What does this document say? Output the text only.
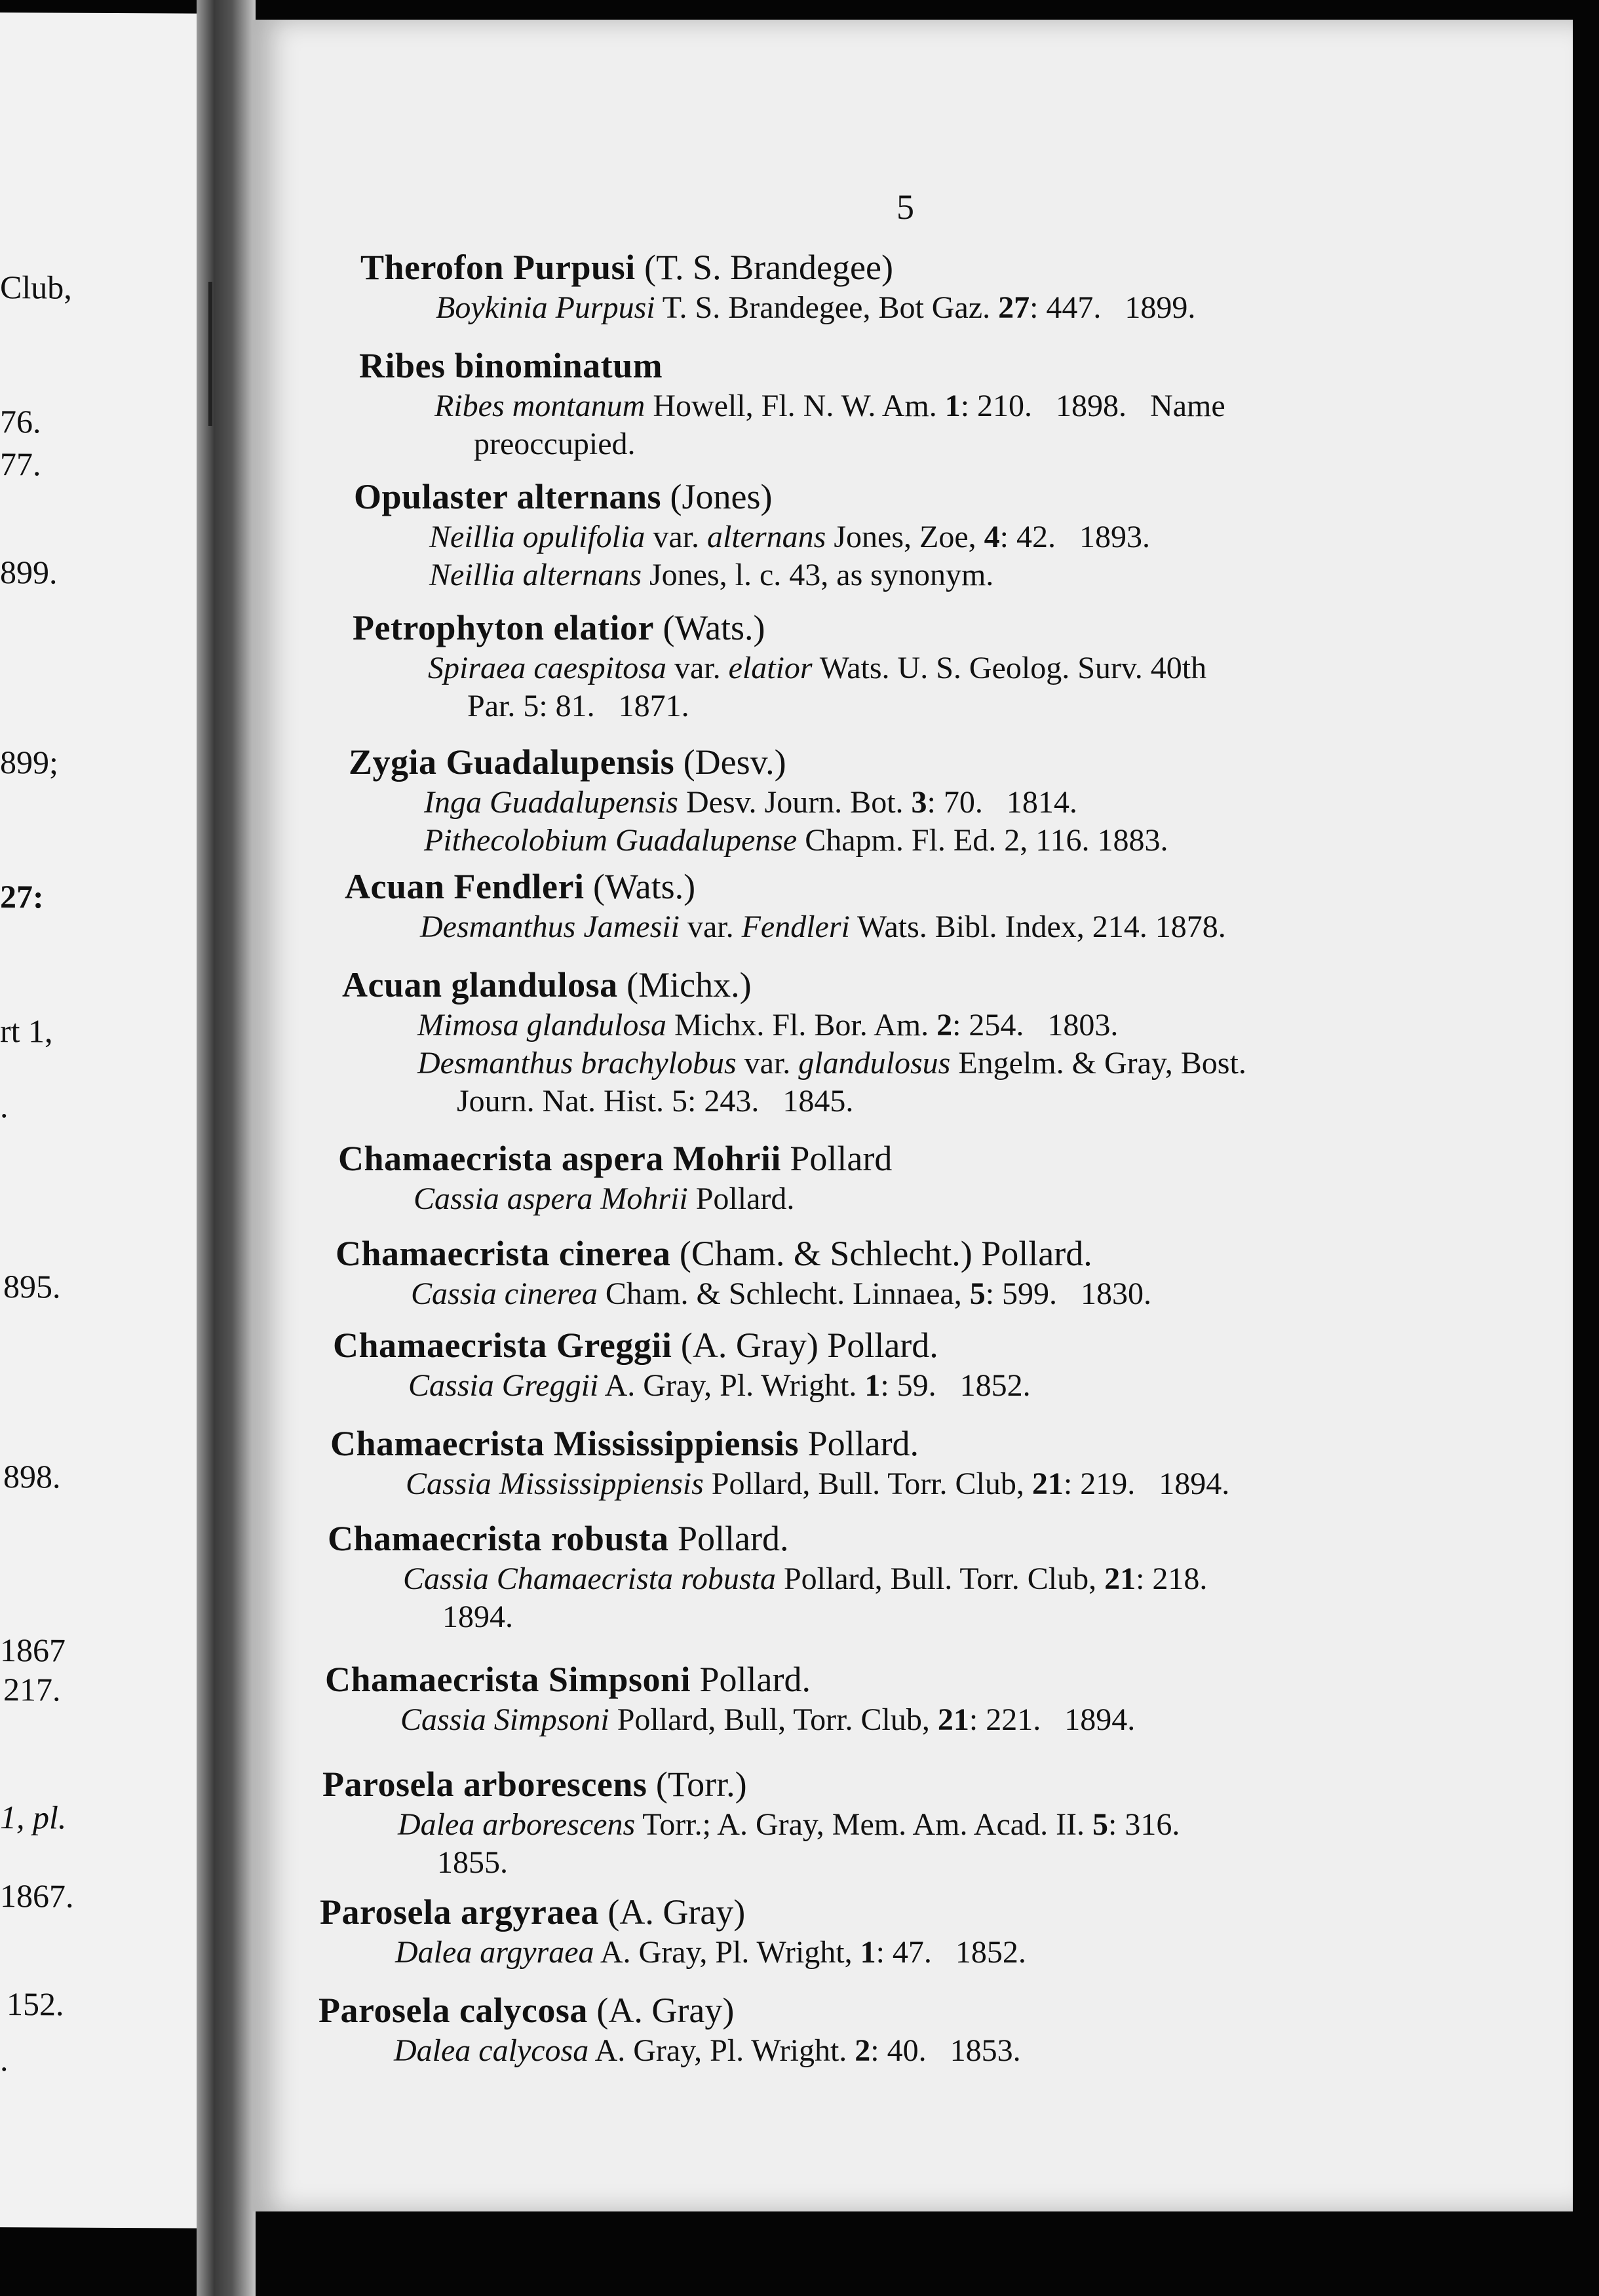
Club,
76.
77.
899.
899;
27:
rt 1,
.
895.
898.
1867
217.
1, pl.
1867.
152.
.
5
Therofon Purpusi (T. S. Brandegee)
Boykinia Purpusi T. S. Brandegee, Bot Gaz. 27: 447.   1899.
Ribes binominatum
Ribes montanum Howell, Fl. N. W. Am. 1: 210.   1898.   Name
preoccupied.
Opulaster alternans (Jones)
Neillia opulifolia var. alternans Jones, Zoe, 4: 42.   1893.
Neillia alternans Jones, l. c. 43, as synonym.
Petrophyton elatior (Wats.)
Spiraea caespitosa var. elatior Wats. U. S. Geolog. Surv. 40th
Par. 5: 81.   1871.
Zygia Guadalupensis (Desv.)
Inga Guadalupensis Desv. Journ. Bot. 3: 70.   1814.
Pithecolobium Guadalupense Chapm. Fl. Ed. 2, 116. 1883.
Acuan Fendleri (Wats.)
Desmanthus Jamesii var. Fendleri Wats. Bibl. Index, 214. 1878.
Acuan glandulosa (Michx.)
Mimosa glandulosa Michx. Fl. Bor. Am. 2: 254.   1803.
Desmanthus brachylobus var. glandulosus Engelm. & Gray, Bost.
Journ. Nat. Hist. 5: 243.   1845.
Chamaecrista aspera Mohrii Pollard
Cassia aspera Mohrii Pollard.
Chamaecrista cinerea (Cham. & Schlecht.) Pollard.
Cassia cinerea Cham. & Schlecht. Linnaea, 5: 599.   1830.
Chamaecrista Greggii (A. Gray) Pollard.
Cassia Greggii A. Gray, Pl. Wright. 1: 59.   1852.
Chamaecrista Mississippiensis Pollard.
Cassia Mississippiensis Pollard, Bull. Torr. Club, 21: 219.   1894.
Chamaecrista robusta Pollard.
Cassia Chamaecrista robusta Pollard, Bull. Torr. Club, 21: 218.
1894.
Chamaecrista Simpsoni Pollard.
Cassia Simpsoni Pollard, Bull, Torr. Club, 21: 221.   1894.
Parosela arborescens (Torr.)
Dalea arborescens Torr.; A. Gray, Mem. Am. Acad. II. 5: 316.
1855.
Parosela argyraea (A. Gray)
Dalea argyraea A. Gray, Pl. Wright, 1: 47.   1852.
Parosela calycosa (A. Gray)
Dalea calycosa A. Gray, Pl. Wright. 2: 40.   1853.
